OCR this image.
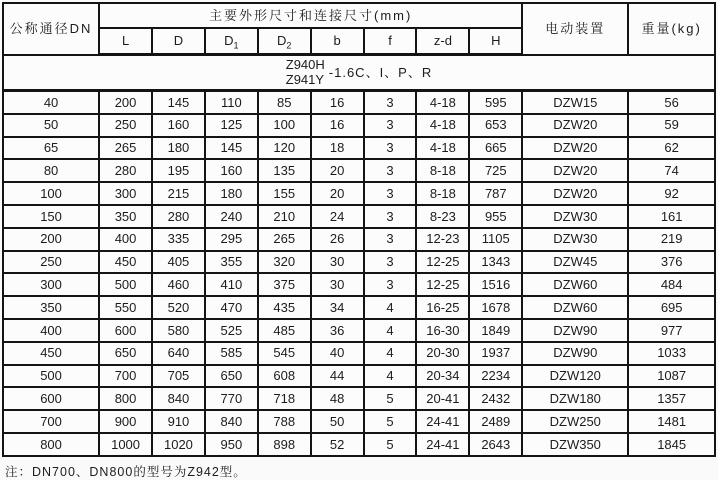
公称通径DN	主要外形尺寸和连接尺寸(mm)								电动装置	重量(kg)
	L	D	$D_1$	$D_2$	b	f	z-d	H		

Z940H
Z941Y -1.6C、I、P、R										

40	200	145	110	85	16	3	4-18	595	DZW15	56
50	250	160	125	100	16	3	4-18	653	DZW20	59
65	265	180	145	120	18	3	4-18	665	DZW20	62
80	280	195	160	135	20	3	8-18	725	DZW20	74
100	300	215	180	155	20	3	8-18	787	DZW20	92
150	350	280	240	210	24	3	8-23	955	DZW30	161
200	400	335	295	265	26	3	12-23	1105	DZW30	219
250	450	405	355	320	30	3	12-25	1343	DZW45	376
300	500	460	410	375	30	3	12-25	1516	DZW60	484
350	550	520	470	435	34	4	16-25	1678	DZW60	695
400	600	580	525	485	36	4	16-30	1849	DZW90	977
450	650	640	585	545	40	4	20-30	1937	DZW90	1033
500	700	705	650	608	44	4	20-34	2234	DZW120	1087
600	800	840	770	718	48	5	20-41	2432	DZW180	1357
700	900	910	840	788	50	5	24-41	2489	DZW250	1481
800	1000	1020	950	898	52	5	24-41	2643	DZW350	1845
注：DN700、DN800的型号为Z942型。
